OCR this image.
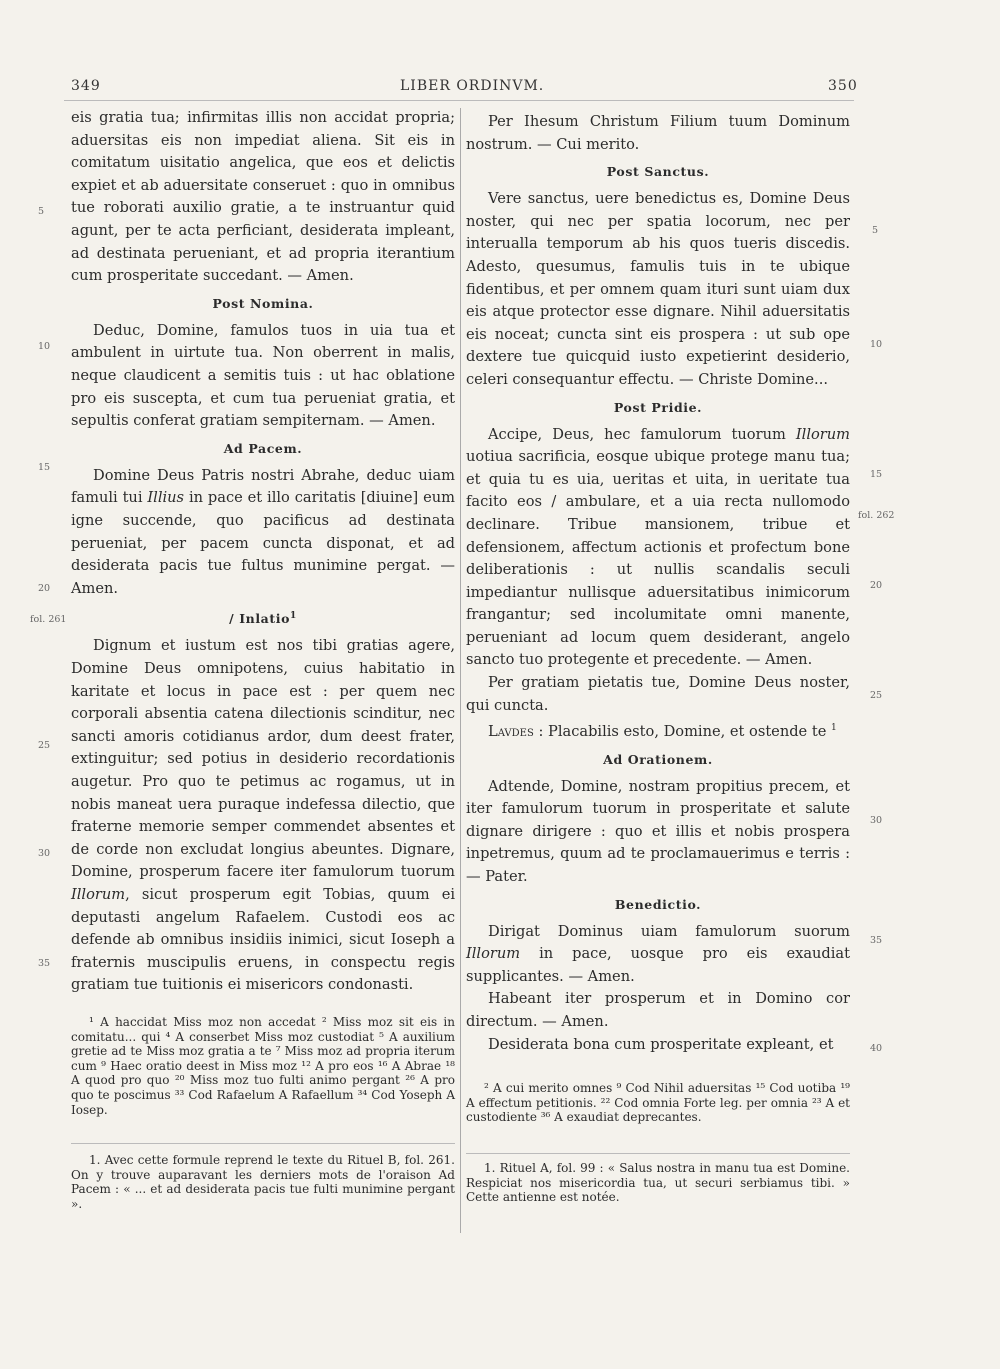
349	LIBER ORDINVM.	350
5
10
15
20
fol. 261
25
30
35
5
10
15
fol. 262
20
25
30
35
40

eis gratia tua; infirmitas illis non accidat propria; aduersitas eis non impediat aliena. Sit eis in comitatum uisitatio angelica, que eos et delictis expiet et ab aduersitate conseruet : quo in omnibus tue roborati auxilio gratie, a te instruantur quid agunt, per te acta perficiant, desiderata impleant, ad destinata perueniant, et ad propria iterantium cum prosperitate succedant. — Amen.

Post Nomina.

Deduc, Domine, famulos tuos in uia tua et ambulent in uirtute tua. Non oberrent in malis, neque claudicent a semitis tuis : ut hac oblatione pro eis suscepta, et cum tua perueniat gratia, et sepultis conferat gratiam sempiternam. — Amen.

Ad Pacem.

Domine Deus Patris nostri Abrahe, deduc uiam famuli tui Illius in pace et illo caritatis [diuine] eum igne succende, quo pacificus ad destinata perueniat, per pacem cuncta disponat, et ad desiderata pacis tue fultus munimine pergat. — Amen.

/ Inlatio$^1$

Dignum et iustum est nos tibi gratias agere, Domine Deus omnipotens, cuius habitatio in karitate et locus in pace est : per quem nec corporali absentia catena dilectionis scinditur, nec sancti amoris cotidianus ardor, dum deest frater, extinguitur; sed potius in desiderio recordationis augetur. Pro quo te petimus ac rogamus, ut in nobis maneat uera puraque indefessa dilectio, que fraterne memorie semper commendet absentes et de corde non excludat longius abeuntes. Dignare, Domine, prosperum facere iter famulorum tuorum Illorum, sicut prosperum egit Tobias, quum ei deputasti angelum Rafaelem. Custodi eos ac defende ab omnibus insidiis inimici, sicut Ioseph a fraternis muscipulis eruens, in conspectu regis gratiam tue tuitionis ei misericors condonasti.

¹ A haccidat Miss moz non accedat ² Miss moz sit eis in comitatu... qui ⁴ A conserbet Miss moz custodiat ⁵ A auxilium gretie ad te Miss moz gratia a te ⁷ Miss moz ad propria iterum cum ⁹ Haec oratio deest in Miss moz ¹² A pro eos ¹⁶ A Abrae ¹⁸ A quod pro quo ²⁰ Miss moz tuo fulti animo pergant ²⁶ A pro quo te poscimus ³³ Cod Rafaelum A Rafaellum ³⁴ Cod Yoseph A Iosep.

1. Avec cette formule reprend le texte du Rituel B, fol. 261. On y trouve auparavant les derniers mots de l'oraison Ad Pacem : « ... et ad desiderata pacis tue fulti munimine pergant ».

Per Ihesum Christum Filium tuum Dominum nostrum. — Cui merito.

Post Sanctus.

Vere sanctus, uere benedictus es, Domine Deus noster, qui nec per spatia locorum, nec per interualla temporum ab his quos tueris discedis. Adesto, quesumus, famulis tuis in te ubique fidentibus, et per omnem quam ituri sunt uiam dux eis atque protector esse dignare. Nihil aduersitatis eis noceat; cuncta sint eis prospera : ut sub ope dextere tue quicquid iusto expetierint desiderio, celeri consequantur effectu. — Christe Domine...

Post Pridie.

Accipe, Deus, hec famulorum tuorum Illorum uotiua sacrificia, eosque ubique protege manu tua; et quia tu es uia, ueritas et uita, in ueritate tua facito eos / ambulare, et a uia recta nullomodo declinare. Tribue mansionem, tribue et defensionem, affectum actionis et profectum bone deliberationis : ut nullis scandalis seculi impediantur nullisque aduersitatibus inimicorum frangantur; sed incolumitate omni manente, perueniant ad locum quem desiderant, angelo sancto tuo protegente et precedente. — Amen.

Per gratiam pietatis tue, Domine Deus noster, qui cuncta.

Lavdes : Placabilis esto, Domine, et ostende te $^1$

Ad Orationem.

Adtende, Domine, nostram propitius precem, et iter famulorum tuorum in prosperitate et salute dignare dirigere : quo et illis et nobis prospera inpetremus, quum ad te proclamauerimus e terris : — Pater.

Benedictio.

Dirigat Dominus uiam famulorum suorum Illorum in pace, uosque pro eis exaudiat supplicantes. — Amen.

Habeant iter prosperum et in Domino cor directum. — Amen.

Desiderata bona cum prosperitate expleant, et

² A cui merito omnes ⁹ Cod Nihil aduersitas ¹⁵ Cod uotiba ¹⁹ A effectum petitionis. ²² Cod omnia Forte leg. per omnia ²³ A et custodiente ³⁶ A exaudiat deprecantes.

1. Rituel A, fol. 99 : « Salus nostra in manu tua est Domine. Respiciat nos misericordia tua, ut securi serbiamus tibi. » Cette antienne est notée.
